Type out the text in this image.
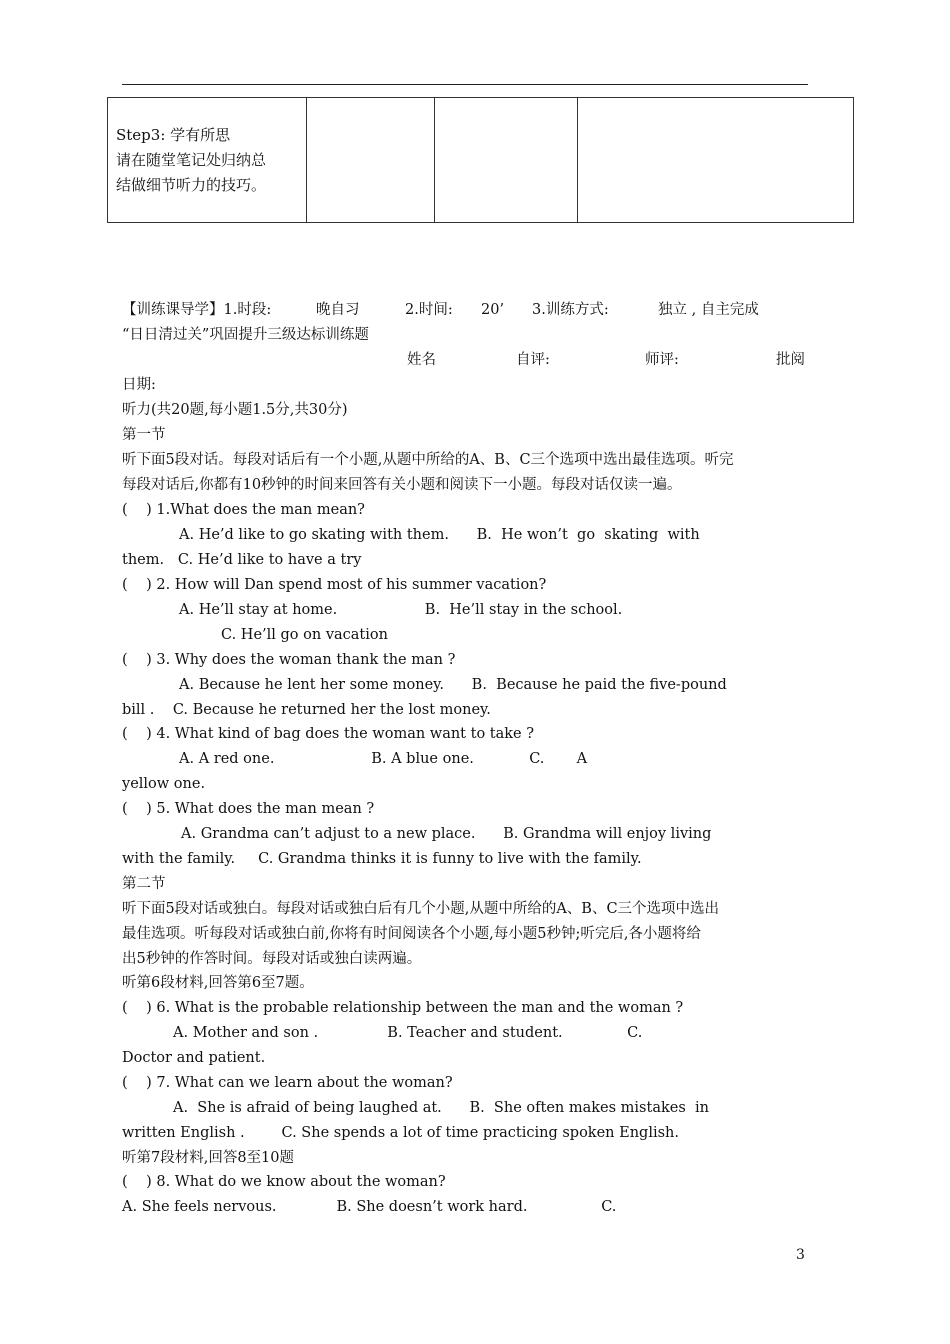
Step3: 学有所思
请在随堂笔记处归纳总
结做细节听力的技巧。

【训练课导学】1.时段:	晚自习	2.时间: 20’ 3.训练方式:	独立 , 自主完成
“日日清过关”巩固提升三级达标训练题
姓名	自评:	师评:	批阅
日期:
听力(共20题,每小题1.5分,共30分)
第一节
听下面5段对话。每段对话后有一个小题,从题中所给的A、B、C三个选项中选出最佳选项。听完
每段对话后,你都有10秒钟的时间来回答有关小题和阅读下一小题。每段对话仅读一遍。
(    ) 1.What does the man mean?
A. He’d like to go skating with them.      B.  He won’t  go  skating  with
them.   C. He’d like to have a try
(    ) 2. How will Dan spend most of his summer vacation?
A. He’ll stay at home.                   B.  He’ll stay in the school.
C. He’ll go on vacation
(    ) 3. Why does the woman thank the man ?
A. Because he lent her some money.      B.  Because he paid the five-pound
bill .    C. Because he returned her the lost money.
(    ) 4. What kind of bag does the woman want to take ?
A. A red one.                     B. A blue one.            C.       A
yellow one.
(    ) 5. What does the man mean ?
A. Grandma can’t adjust to a new place.      B. Grandma will enjoy living
with the family.     C. Grandma thinks it is funny to live with the family.
第二节
听下面5段对话或独白。每段对话或独白后有几个小题,从题中所给的A、B、C三个选项中选出
最佳选项。听每段对话或独白前,你将有时间阅读各个小题,每小题5秒钟;听完后,各小题将给
出5秒钟的作答时间。每段对话或独白读两遍。
听第6段材料,回答第6至7题。
(    ) 6. What is the probable relationship between the man and the woman ?
A. Mother and son .               B. Teacher and student.              C.
Doctor and patient.
(    ) 7. What can we learn about the woman?
A.  She is afraid of being laughed at.      B.  She often makes mistakes  in
written English .        C. She spends a lot of time practicing spoken English.
听第7段材料,回答8至10题
(    ) 8. What do we know about the woman?
A. She feels nervous.             B. She doesn’t work hard.                C.
3
